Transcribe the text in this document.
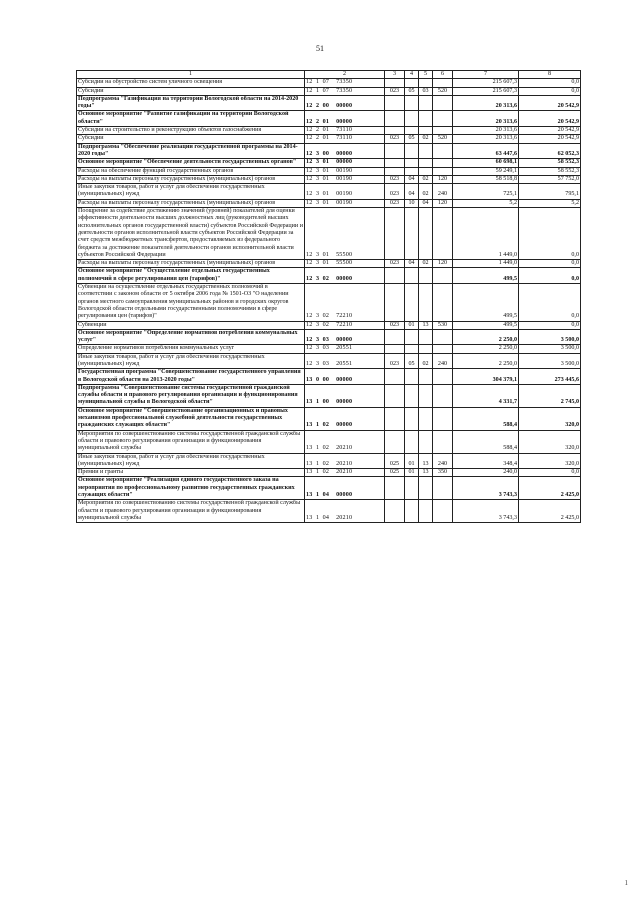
51
1	2	3	4	5	6	7	8
Субсидии на обустройство систем уличного освещения	12 1 07 73350					215 607,3	0,0
Субсидии	12 1 07 73350	023	05	03	520	215 607,3	0,0
Подпрограмма "Газификация на территории Вологодской области на 2014-2020 годы"	12 2 00 00000					20 313,6	20 542,9
Основное мероприятие "Развитие газификации на территории Вологодской области"	12 2 01 00000					20 313,6	20 542,9
Субсидии на строительство и реконструкцию объектов газоснабжения	12 2 01 73110					20 313,6	20 542,9
Субсидии	12 2 01 73110	023	05	02	520	20 313,6	20 542,9
Подпрограмма "Обеспечение реализации государственной программы на 2014-2020 годы"	12 3 00 00000					63 447,6	62 052,3
Основное мероприятие "Обеспечение деятельности государственных органов"	12 3 01 00000					60 698,1	58 552,3
Расходы на обеспечение функций государственных органов	12 3 01 00190					59 249,1	58 552,3
Расходы на выплаты персоналу государственных (муниципальных) органов	12 3 01 00190	023	04	02	120	58 518,8	57 752,0
Иные закупки товаров, работ и услуг для обеспечения государственных (муниципальных) нужд	12 3 01 00190	023	04	02	240	725,1	795,1
Расходы на выплаты персоналу государственных (муниципальных) органов	12 3 01 00190	023	10	04	120	5,2	5,2
Поощрение за содействие достижению значений (уровней) показателей для оценки эффективности деятельности высших должностных лиц (руководителей высших исполнительных органов государственной власти) субъектов Российской Федерации и деятельности органов исполнительной власти субъектов Российской Федерации за счет средств межбюджетных трансфертов, предоставляемых из федерального бюджета за достижение показателей деятельности органов исполнительной власти субъектов Российской Федерации	12 3 01 55500					1 449,0	0,0
Расходы на выплаты персоналу государственных (муниципальных) органов	12 3 01 55500	023	04	02	120	1 449,0	0,0
Основное мероприятие "Осуществление отдельных государственных полномочий в сфере регулирования цен (тарифов)"	12 3 02 00000					499,5	0,0
Субвенции на осуществление отдельных государственных полномочий в соответствии с законом области от 5 октября 2006 года № 1501-ОЗ "О наделении органов местного самоуправления муниципальных районов и городских округов Вологодской области отдельными государственными полномочиями в сфере регулирования цен (тарифов)"	12 3 02 72210					499,5	0,0
Субвенции	12 3 02 72210	023	01	13	530	499,5	0,0
Основное мероприятие "Определение нормативов потребления коммунальных услуг"	12 3 03 00000					2 250,0	3 500,0
Определение нормативов потребления коммунальных услуг	12 3 03 20551					2 250,0	3 500,0
Иные закупки товаров, работ и услуг для обеспечения государственных (муниципальных) нужд	12 3 03 20551	023	05	02	240	2 250,0	3 500,0
Государственная программа "Совершенствование государственного управления в Вологодской области на 2013-2020 годы"	13 0 00 00000					304 379,1	273 445,6
Подпрограмма "Совершенствование системы государственной гражданской службы области и правового регулирования организации и функционирования муниципальной службы в Вологодской области"	13 1 00 00000					4 331,7	2 745,0
Основное мероприятие "Совершенствование организационных и правовых механизмов профессиональной служебной деятельности государственных гражданских служащих области"	13 1 02 00000					588,4	320,0
Мероприятия по совершенствованию системы государственной гражданской службы области и правового регулирования организации и функционирования муниципальной службы	13 1 02 20210					588,4	320,0
Иные закупки товаров, работ и услуг для обеспечения государственных (муниципальных) нужд	13 1 02 20210	025	01	13	240	348,4	320,0
Премии и гранты	13 1 02 20210	025	01	13	350	240,0	0,0
Основное мероприятие "Реализация единого государственного заказа на мероприятия по профессиональному развитию государственных гражданских служащих области"	13 1 04 00000					3 743,3	2 425,0
Мероприятия по совершенствованию системы государственной гражданской службы области и правового регулирования организации и функционирования муниципальной службы	13 1 04 20210					3 743,3	2 425,0
1
